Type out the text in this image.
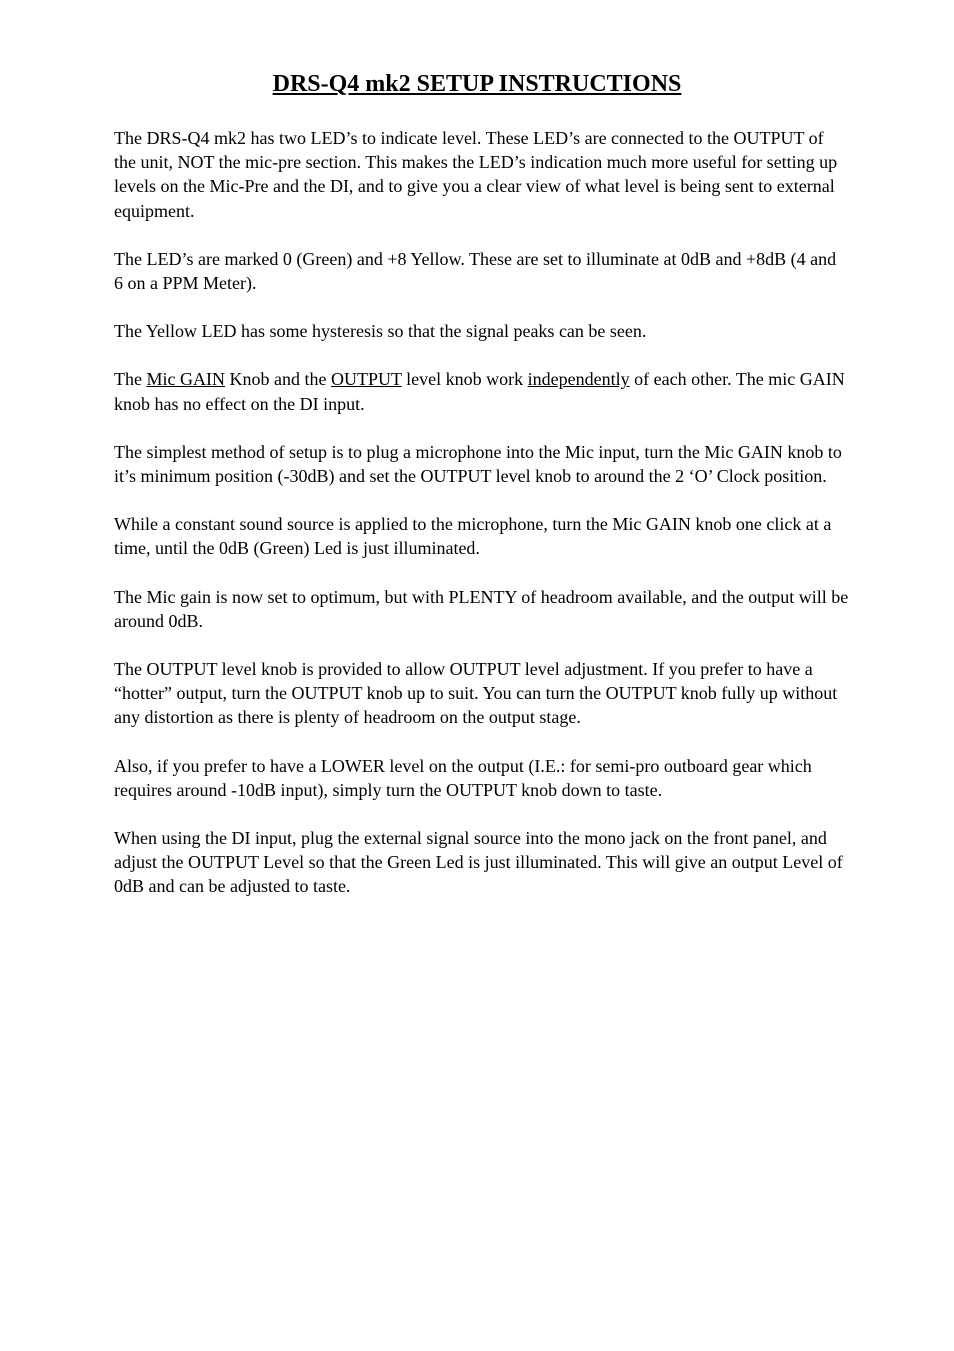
DRS-Q4 mk2 SETUP INSTRUCTIONS

The DRS-Q4 mk2 has two LED’s to indicate level. These LED’s are connected to the OUTPUT of the unit, NOT the mic-pre section. This makes the LED’s indication much more useful for setting up levels on the Mic-Pre and the DI, and to give you a clear view of what level is being sent to external equipment.

The LED’s are marked 0 (Green) and +8 Yellow. These are set to illuminate at 0dB and +8dB (4 and 6 on a PPM Meter).

The Yellow LED has some hysteresis so that the signal peaks can be seen.

The Mic GAIN Knob and the OUTPUT level knob work independently of each other. The mic GAIN knob has no effect on the DI input.

The simplest method of setup is to plug a microphone into the Mic input, turn the Mic GAIN knob to it’s minimum position (-30dB) and set the OUTPUT level knob to around the 2 ‘O’ Clock position.

While a constant sound source is applied to the microphone, turn the Mic GAIN knob one click at a time, until the 0dB (Green) Led is just illuminated.

The Mic gain is now set to optimum, but with PLENTY of headroom available, and the output will be around 0dB.

The OUTPUT level knob is provided to allow OUTPUT level adjustment. If you prefer to have a “hotter” output, turn the OUTPUT knob up to suit. You can turn the OUTPUT knob fully up without any distortion as there is plenty of headroom on the output stage.

Also, if you prefer to have a LOWER level on the output (I.E.: for semi-pro outboard gear which requires around -10dB input), simply turn the OUTPUT knob down to taste.

When using the DI input, plug the external signal source into the mono jack on the front panel, and adjust the OUTPUT Level so that the Green Led is just illuminated. This will give an output Level of 0dB and can be adjusted to taste.
